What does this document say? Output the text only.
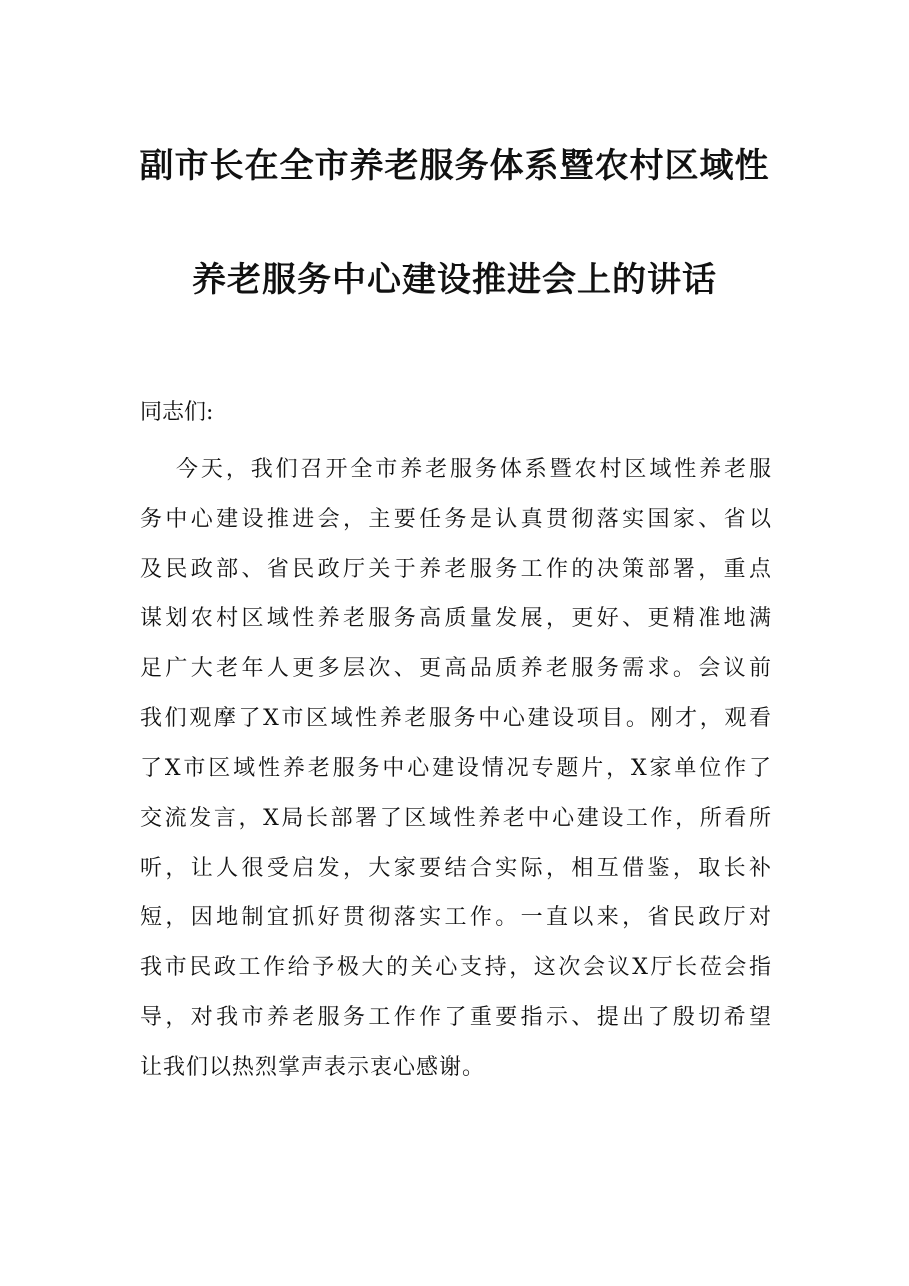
副市长在全市养老服务体系暨农村区域性
养老服务中心建设推进会上的讲话
同志们:
今天，我们召开全市养老服务体系暨农村区域性养老服
务中心建设推进会，主要任务是认真贯彻落实国家、省以
及民政部、省民政厅关于养老服务工作的决策部署，重点
谋划农村区域性养老服务高质量发展，更好、更精准地满
足广大老年人更多层次、更高品质养老服务需求。会议前
我们观摩了X市区域性养老服务中心建设项目。刚才，观看
了X市区域性养老服务中心建设情况专题片，X家单位作了
交流发言，X局长部署了区域性养老中心建设工作，所看所
听，让人很受启发，大家要结合实际，相互借鉴，取长补
短，因地制宜抓好贯彻落实工作。一直以来，省民政厅对
我市民政工作给予极大的关心支持，这次会议X厅长莅会指
导，对我市养老服务工作作了重要指示、提出了殷切希望
让我们以热烈掌声表示衷心感谢。
